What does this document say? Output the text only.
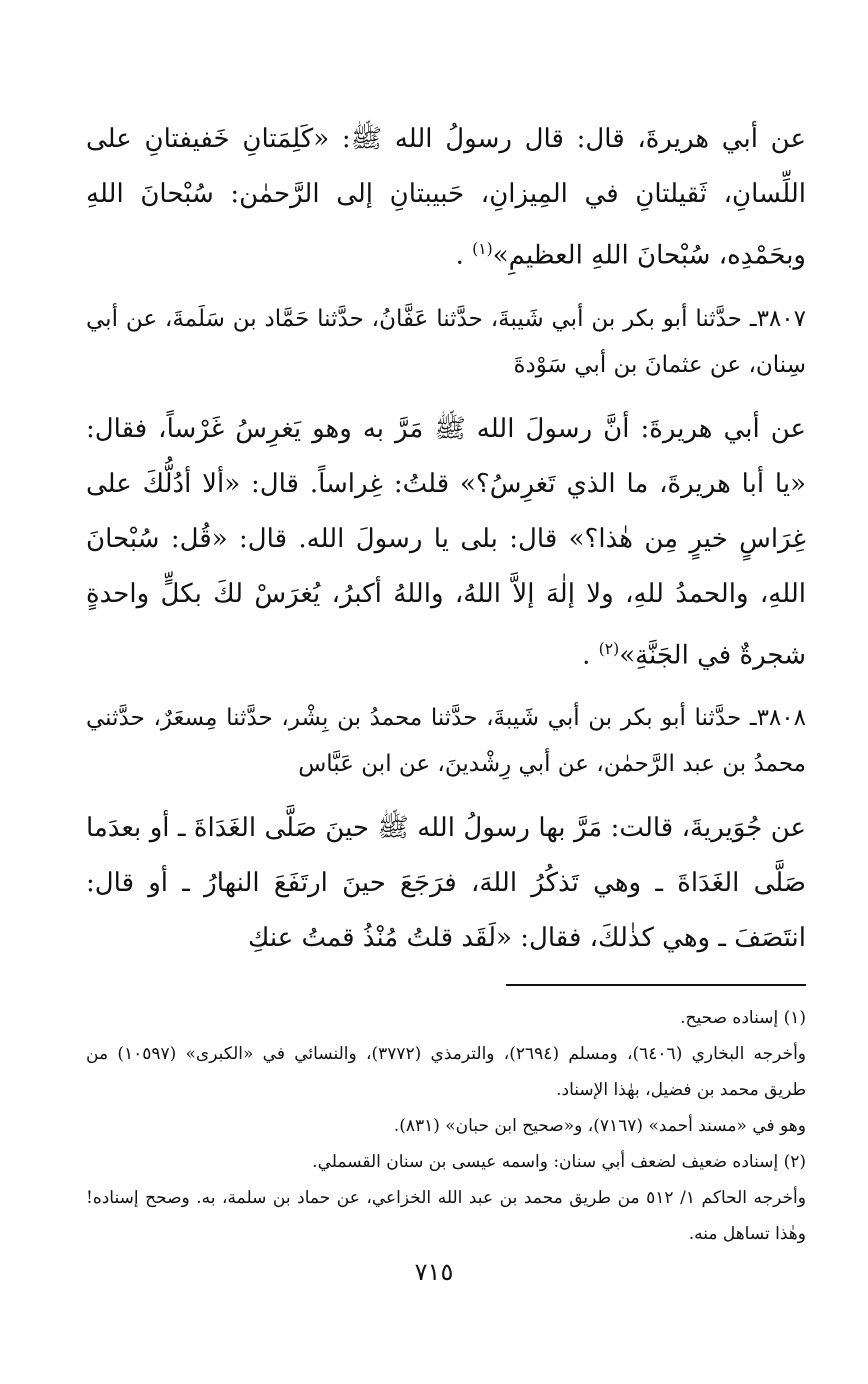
عن أبي هريرةَ، قال: قال رسولُ الله ﷺ: «كَلِمَتانِ خَفيفتانِ على اللِّسانِ، ثَقيلتانِ في المِيزانِ، حَبيبتانِ إلى الرَّحمٰن: سُبْحانَ اللهِ وبحَمْدِه، سُبْحانَ اللهِ العظيمِ»$^{(١)}$ .

٣٨٠٧ـ حدَّثنا أبو بكر بن أبي شَيبةَ، حدَّثنا عَفَّانُ، حدَّثنا حَمَّاد بن سَلَمةَ، عن أبي سِنان، عن عثمانَ بن أبي سَوْدةَ

عن أبي هريرةَ: أنَّ رسولَ الله ﷺ مَرَّ به وهو يَغرِسُ غَرْساً، فقال: «يا أبا هريرةَ، ما الذي تَغرِسُ؟» قلتُ: غِراساً. قال: «ألا أدُلُّكَ على غِرَاسٍ خيرٍ مِن هٰذا؟» قال: بلى يا رسولَ الله. قال: «قُل: سُبْحانَ اللهِ، والحمدُ للهِ، ولا إلٰهَ إلاَّ اللهُ، واللهُ أكبرُ، يُغرَسْ لكَ بكلٍّ واحدةٍ شجرةٌ في الجَنَّةِ»$^{(٢)}$ .

٣٨٠٨ـ حدَّثنا أبو بكر بن أبي شَيبةَ، حدَّثنا محمدُ بن بِشْر، حدَّثنا مِسعَرٌ، حدَّثني محمدُ بن عبد الرَّحمٰن، عن أبي رِشْدينَ، عن ابن عَبَّاس

عن جُوَيريةَ، قالت: مَرَّ بها رسولُ الله ﷺ حينَ صَلَّى الغَدَاةَ ـ أو بعدَما صَلَّى الغَدَاةَ ـ وهي تَذكُرُ اللهَ، فرَجَعَ حينَ ارتَفَعَ النهارُ ـ أو قال: انتَصَفَ ـ وهي كذٰلكَ، فقال: «لَقَد قلتُ مُنْذُ قمتُ عنكِ

(١) إسناده صحيح.

وأخرجه البخاري (٦٤٠٦)، ومسلم (٢٦٩٤)، والترمذي (٣٧٧٢)، والنسائي في «الكبرى» (١٠٥٩٧) من طريق محمد بن فضيل، بهٰذا الإسناد.

وهو في «مسند أحمد» (٧١٦٧)، و«صحيح ابن حبان» (٨٣١).

(٢) إسناده ضعيف لضعف أبي سنان: واسمه عيسى بن سنان القسملي.

وأخرجه الحاكم ١/ ٥١٢ من طريق محمد بن عبد الله الخزاعي، عن حماد بن سلمة، به. وصحح إسناده! وهٰذا تساهل منه.

٧١٥
